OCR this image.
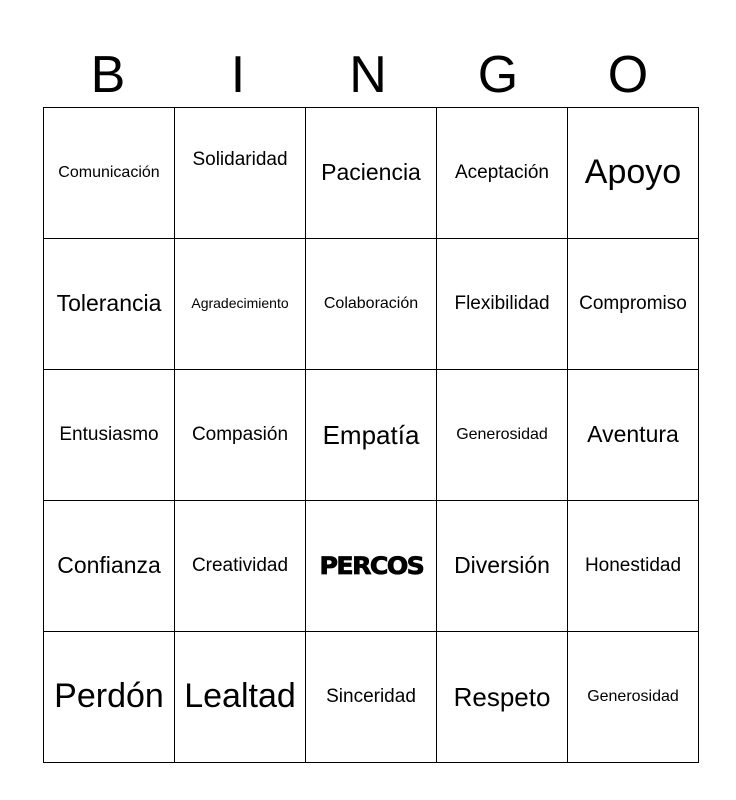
B	I	N	G	O
Comunicación	Solidaridad	Paciencia	Aceptación	Apoyo
Tolerancia	Agradecimiento	Colaboración	Flexibilidad	Compromiso
Entusiasmo	Compasión	Empatía	Generosidad	Aventura
Confianza	Creatividad	PERCOS	Diversión	Honestidad
Perdón	Lealtad	Sinceridad	Respeto	Generosidad
